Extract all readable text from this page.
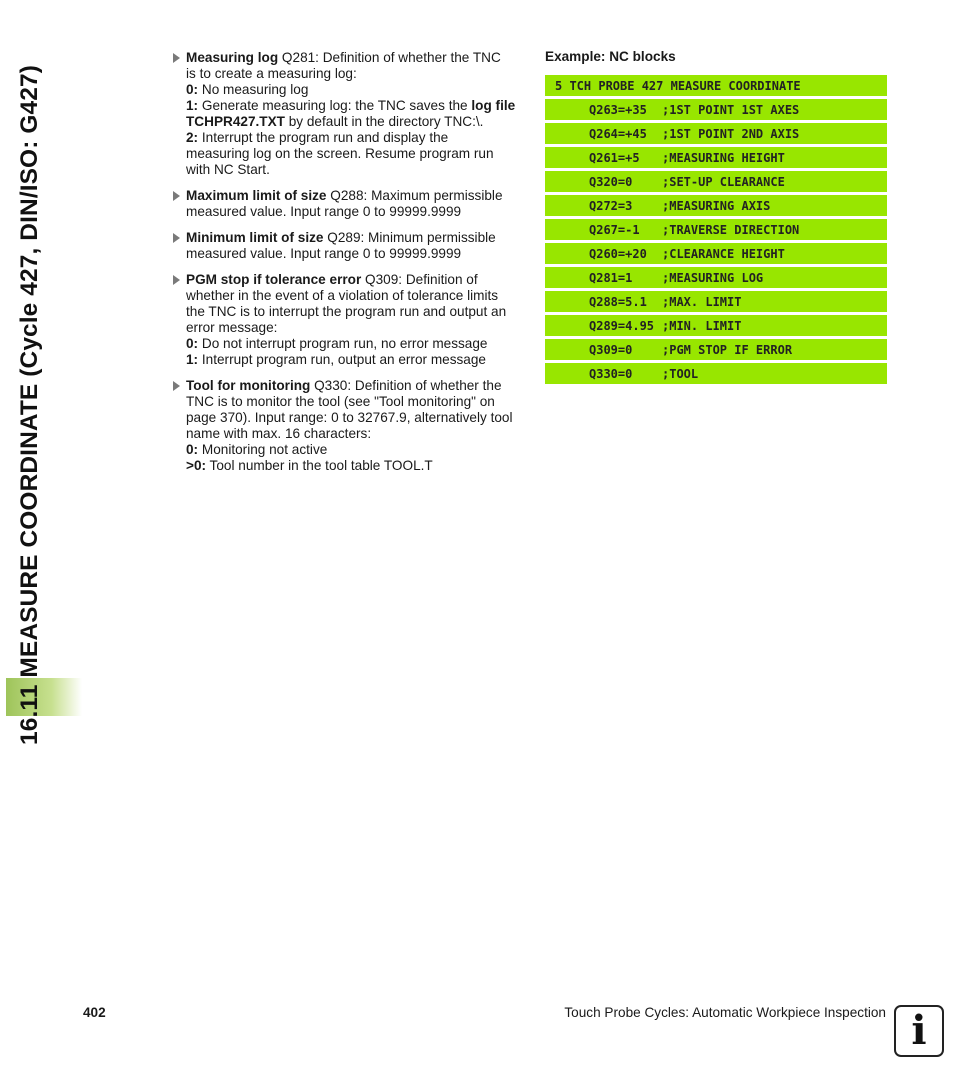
16.11 MEASURE COORDINATE (Cycle 427, DIN/ISO: G427)
Measuring log Q281: Definition of whether the TNC
is to create a measuring log:
0: No measuring log
1: Generate measuring log: the TNC saves the log file
TCHPR427.TXT by default in the directory TNC:\.
2: Interrupt the program run and display the
measuring log on the screen. Resume program run
with NC Start.
Maximum limit of size Q288: Maximum permissible
measured value. Input range 0 to 99999.9999
Minimum limit of size Q289: Minimum permissible
measured value. Input range 0 to 99999.9999
PGM stop if tolerance error Q309: Definition of
whether in the event of a violation of tolerance limits
the TNC is to interrupt the program run and output an
error message:
0: Do not interrupt program run, no error message
1: Interrupt program run, output an error message
Tool for monitoring Q330: Definition of whether the
TNC is to monitor the tool (see "Tool monitoring" on
page 370). Input range: 0 to 32767.9, alternatively tool
name with max. 16 characters:
0: Monitoring not active
>0: Tool number in the tool table TOOL.T
Example: NC blocks
5 TCH PROBE 427 MEASURE COORDINATE
Q263=+35	;1ST POINT 1ST AXES
Q264=+45	;1ST POINT 2ND AXIS
Q261=+5	;MEASURING HEIGHT
Q320=0	;SET-UP CLEARANCE
Q272=3	;MEASURING AXIS
Q267=-1	;TRAVERSE DIRECTION
Q260=+20	;CLEARANCE HEIGHT
Q281=1	;MEASURING LOG
Q288=5.1	;MAX. LIMIT
Q289=4.95 ;MIN. LIMIT
Q309=0	;PGM STOP IF ERROR
Q330=0	;TOOL
402	Touch Probe Cycles: Automatic Workpiece Inspection i
